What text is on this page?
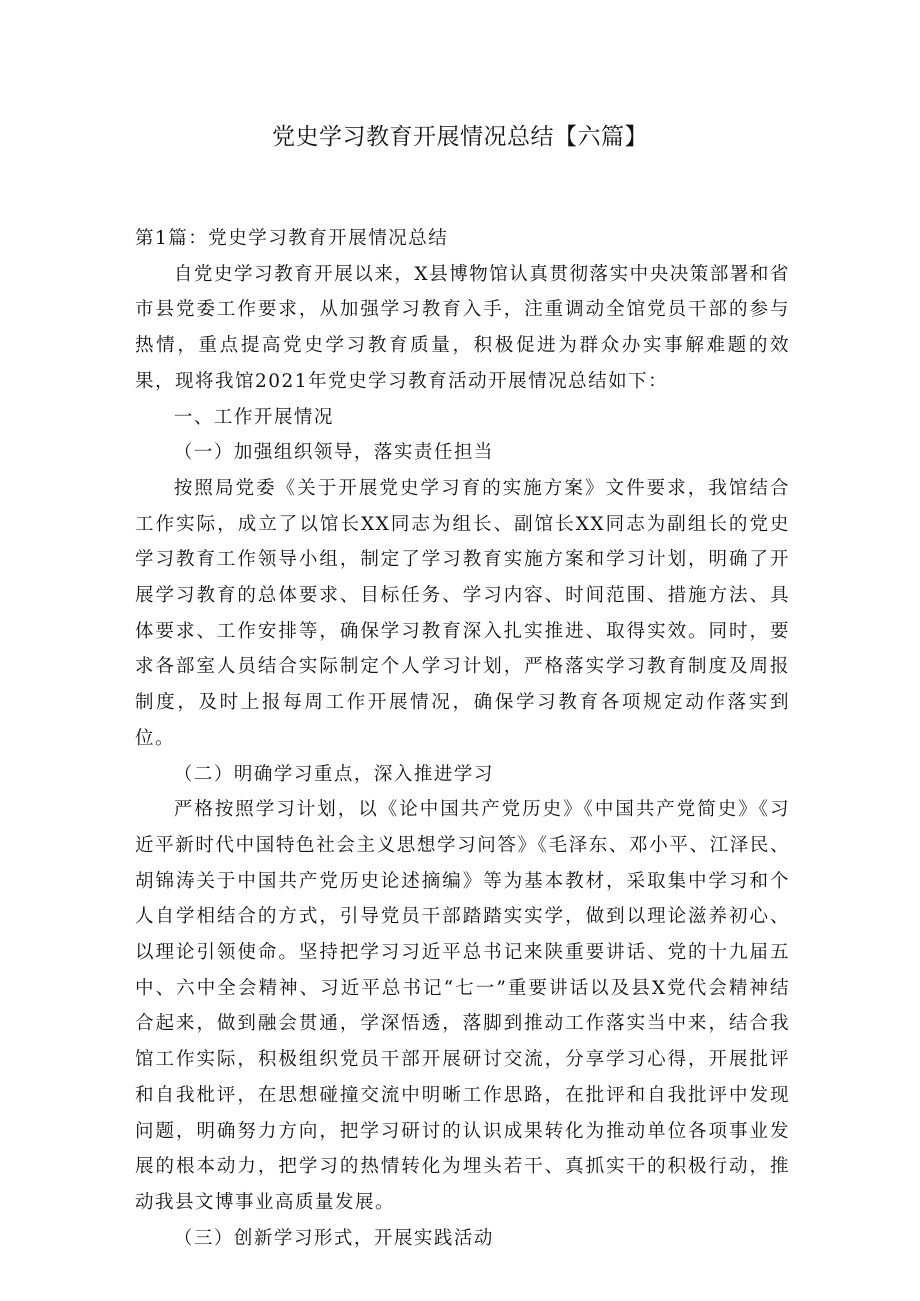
党史学习教育开展情况总结【六篇】

第1篇：党史学习教育开展情况总结

自党史学习教育开展以来，X县博物馆认真贯彻落实中央决策部署和省市县党委工作要求，从加强学习教育入手，注重调动全馆党员干部的参与热情，重点提高党史学习教育质量，积极促进为群众办实事解难题的效果，现将我馆2021年党史学习教育活动开展情况总结如下：

一、工作开展情况

（一）加强组织领导，落实责任担当

按照局党委《关于开展党史学习育的实施方案》文件要求，我馆结合工作实际，成立了以馆长XX同志为组长、副馆长XX同志为副组长的党史学习教育工作领导小组，制定了学习教育实施方案和学习计划，明确了开展学习教育的总体要求、目标任务、学习内容、时间范围、措施方法、具体要求、工作安排等，确保学习教育深入扎实推进、取得实效。同时，要求各部室人员结合实际制定个人学习计划，严格落实学习教育制度及周报制度，及时上报每周工作开展情况，确保学习教育各项规定动作落实到位。

（二）明确学习重点，深入推进学习

严格按照学习计划，以《论中国共产党历史》《中国共产党简史》《习近平新时代中国特色社会主义思想学习问答》《毛泽东、邓小平、江泽民、胡锦涛关于中国共产党历史论述摘编》等为基本教材，采取集中学习和个人自学相结合的方式，引导党员干部踏踏实实学，做到以理论滋养初心、以理论引领使命。坚持把学习习近平总书记来陕重要讲话、党的十九届五中、六中全会精神、习近平总书记“七一”重要讲话以及县X党代会精神结合起来，做到融会贯通，学深悟透，落脚到推动工作落实当中来，结合我馆工作实际，积极组织党员干部开展研讨交流，分享学习心得，开展批评和自我枇评，在思想碰撞交流中明晰工作思路，在批评和自我批评中发现问题，明确努力方向，把学习研讨的认识成果转化为推动单位各项事业发展的根本动力，把学习的热情转化为埋头若干、真抓实干的积极行动，推动我县文博事业高质量发展。

（三）创新学习形式，开展实践活动
